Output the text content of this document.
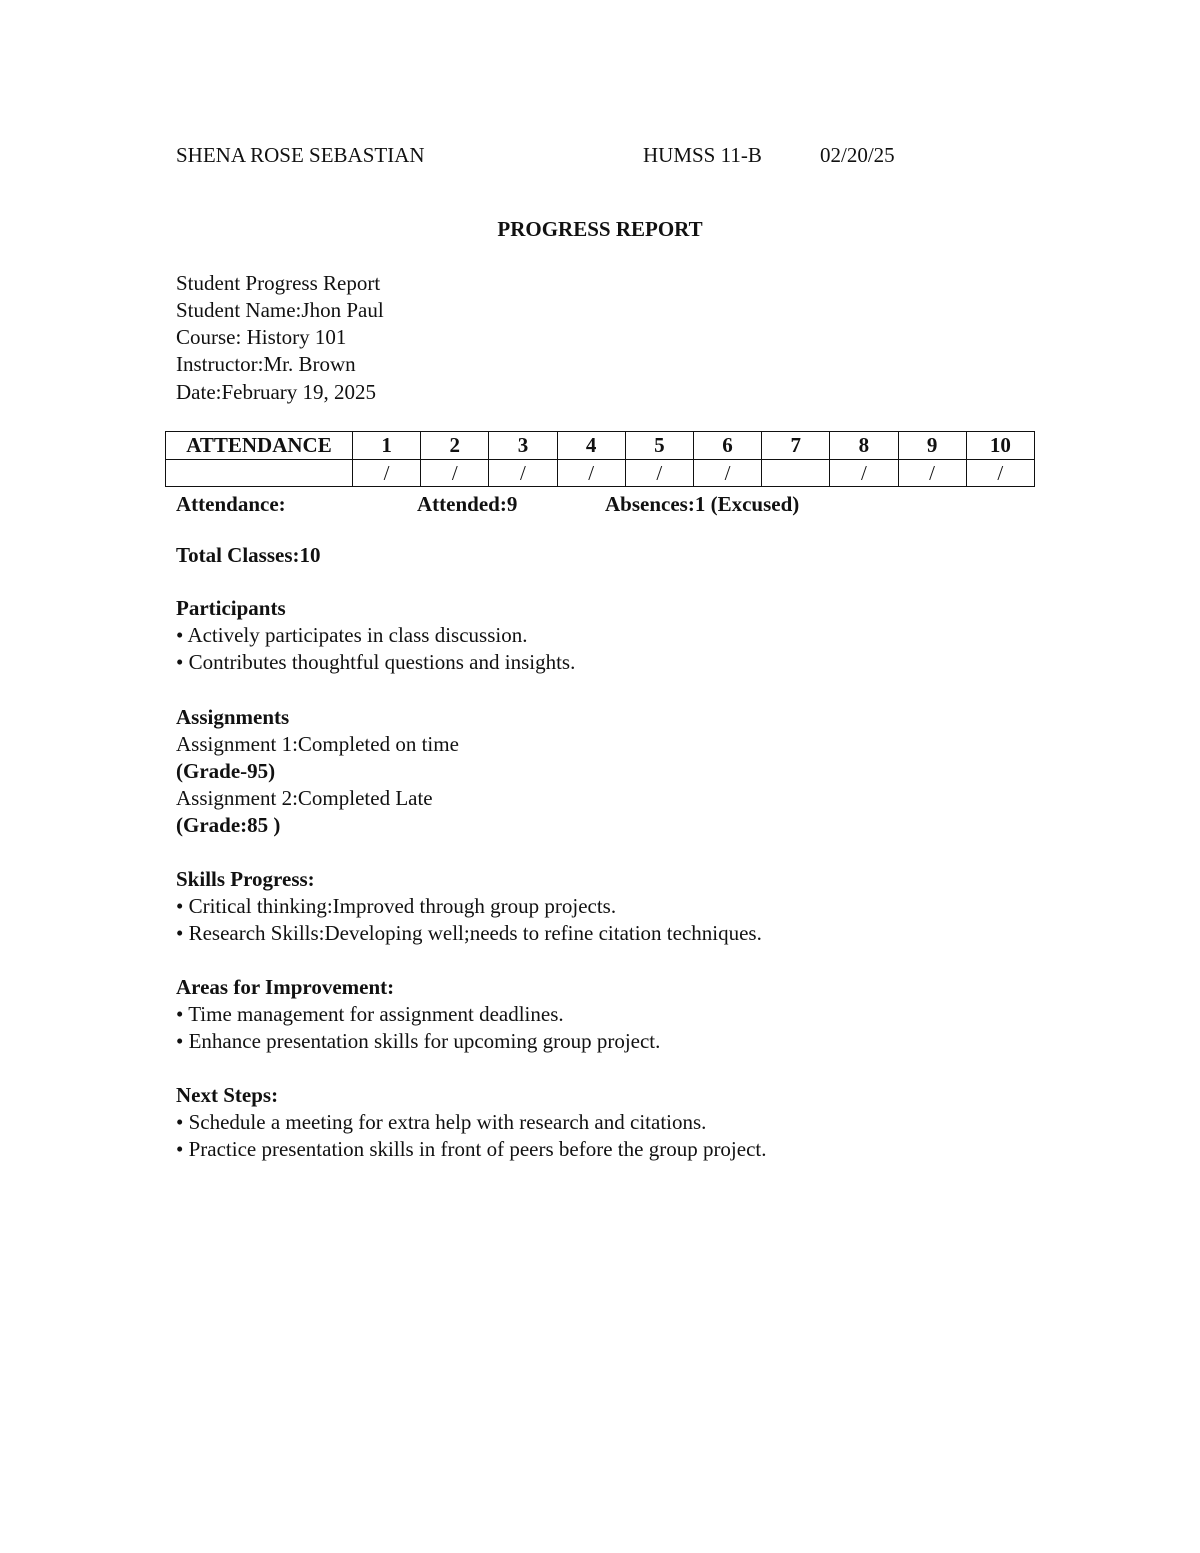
SHENA ROSE SEBASTIAN	HUMSS 11-B	02/20/25
PROGRESS REPORT
Student Progress Report
Student Name:Jhon Paul
Course: History 101
Instructor:Mr. Brown
Date:February 19, 2025
ATTENDANCE	1	2	3	4	5	6	7	8	9	10
	/	/	/	/	/	/		/	/	/
Attendance:	Attended:9	Absences:1 (Excused)
Total Classes:10
Participants
• Actively participates in class discussion.
• Contributes thoughtful questions and insights.
Assignments
Assignment 1:Completed on time
(Grade-95)
Assignment 2:Completed Late
(Grade:85 )
Skills Progress:
• Critical thinking:Improved through group projects.
• Research Skills:Developing well;needs to refine citation techniques.
Areas for Improvement:
• Time management for assignment deadlines.
• Enhance presentation skills for upcoming group project.
Next Steps:
• Schedule a meeting for extra help with research and citations.
• Practice presentation skills in front of peers before the group project.
